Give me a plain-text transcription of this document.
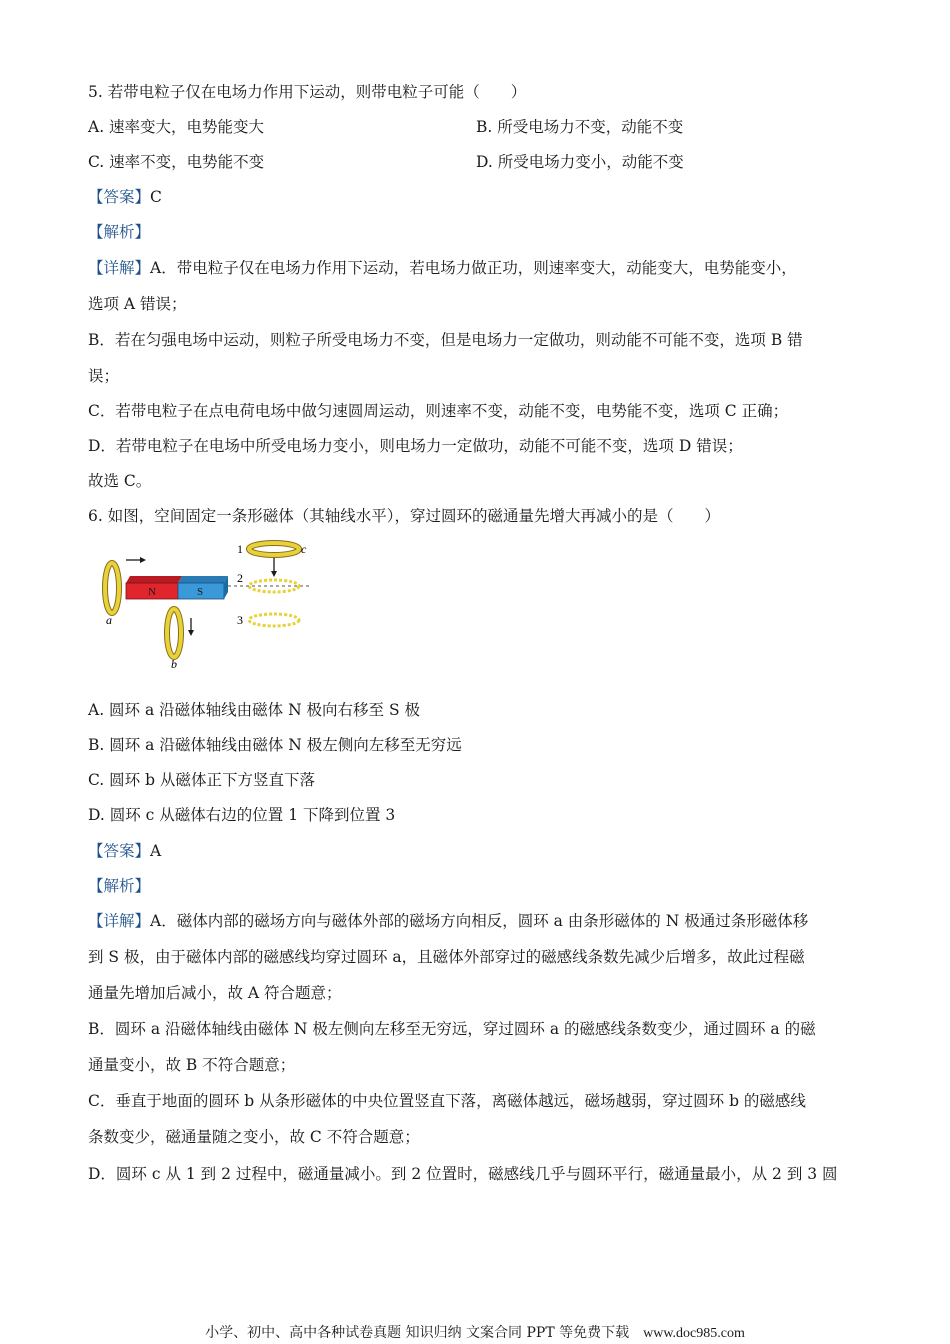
5. 若带电粒子仅在电场力作用下运动，则带电粒子可能（　　）
A. 速率变大，电势能变大	B. 所受电场力不变，动能不变
C. 速率不变，电势能不变	D. 所受电场力变小，动能不变
【答案】C
【解析】
【详解】A．带电粒子仅在电场力作用下运动，若电场力做正功，则速率变大，动能变大，电势能变小，
选项 A 错误；
B．若在匀强电场中运动，则粒子所受电场力不变，但是电场力一定做功，则动能不可能不变，选项 B 错
误；
C．若带电粒子在点电荷电场中做匀速圆周运动，则速率不变，动能不变，电势能不变，选项 C 正确；
D．若带电粒子在电场中所受电场力变小，则电场力一定做功，动能不可能不变，选项 D 错误；
故选 C。
6. 如图，空间固定一条形磁体（其轴线水平），穿过圆环的磁通量先增大再减小的是（　　）
a
N	S
1	c
2
3
b
A. 圆环 a 沿磁体轴线由磁体 N 极向右移至 S 极
B. 圆环 a 沿磁体轴线由磁体 N 极左侧向左移至无穷远
C. 圆环 b 从磁体正下方竖直下落
D. 圆环 c 从磁体右边的位置 1 下降到位置 3
【答案】A
【解析】
【详解】A．磁体内部的磁场方向与磁体外部的磁场方向相反，圆环 a 由条形磁体的 N 极通过条形磁体移
到 S 极，由于磁体内部的磁感线均穿过圆环 a，且磁体外部穿过的磁感线条数先减少后增多，故此过程磁
通量先增加后减小，故 A 符合题意；
B．圆环 a 沿磁体轴线由磁体 N 极左侧向左移至无穷远，穿过圆环 a 的磁感线条数变少，通过圆环 a 的磁
通量变小，故 B 不符合题意；
C．垂直于地面的圆环 b 从条形磁体的中央位置竖直下落，离磁体越远，磁场越弱，穿过圆环 b 的磁感线
条数变少，磁通量随之变小，故 C 不符合题意；
D．圆环 c 从 1 到 2 过程中，磁通量减小。到 2 位置时，磁感线几乎与圆环平行，磁通量最小，从 2 到 3 圆
小学、初中、高中各种试卷真题 知识归纳 文案合同 PPT 等免费下载 www.doc985.com
